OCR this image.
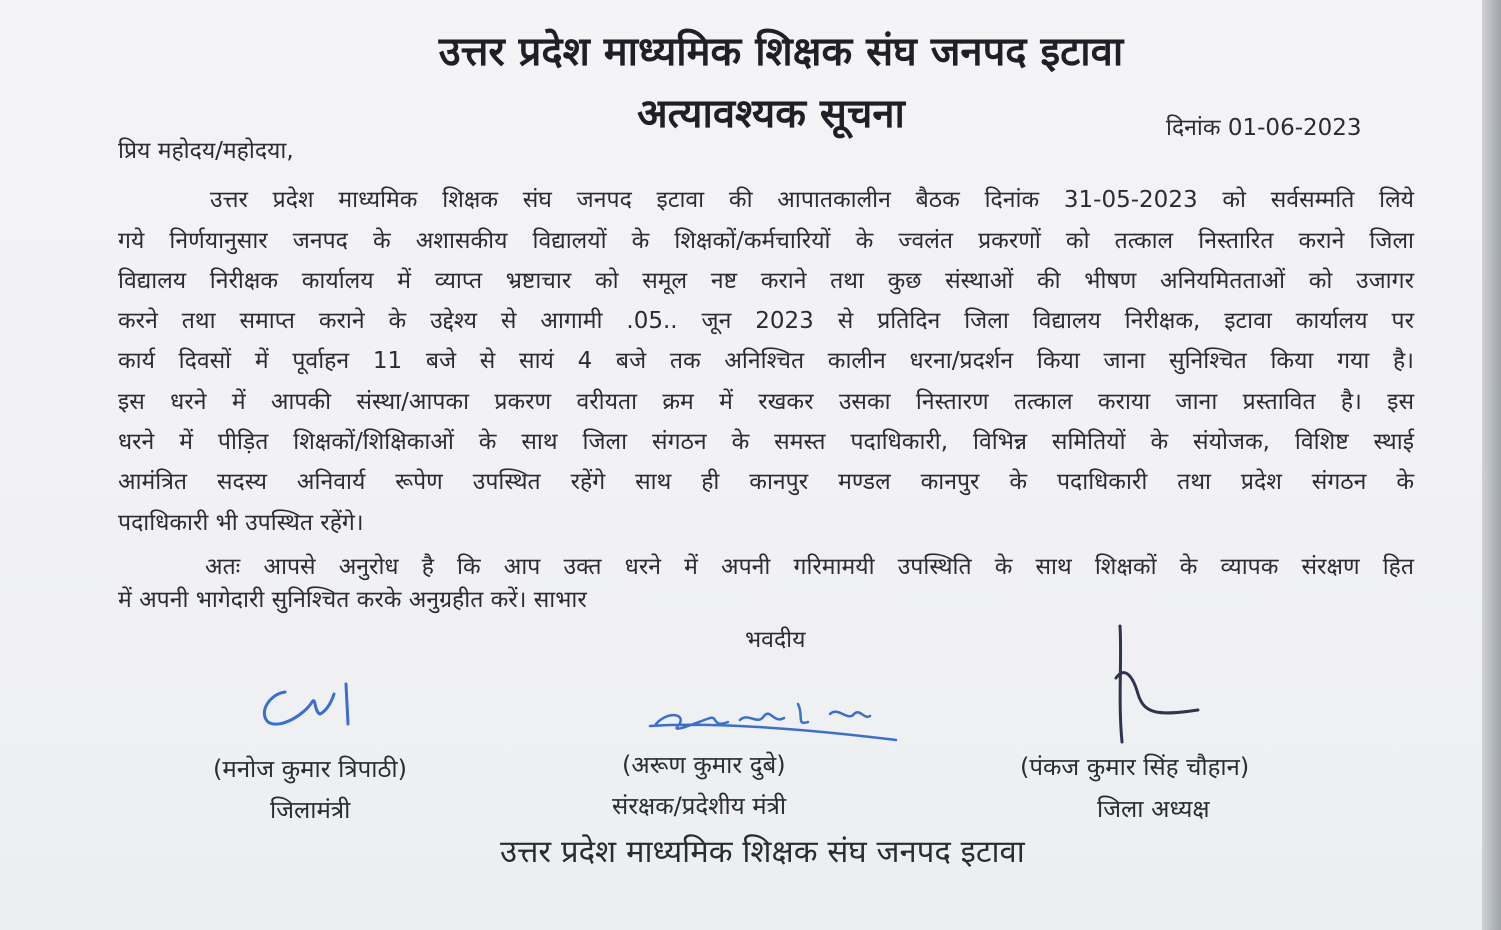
उत्तर प्रदेश माध्यमिक शिक्षक संघ जनपद इटावा
अत्यावश्यक सूचना	दिनांक 01-06-2023
प्रिय महोदय/महोदया,
उत्तर प्रदेश माध्यमिक शिक्षक संघ जनपद इटावा की आपातकालीन बैठक दिनांक 31-05-2023 को सर्वसम्मति लिये
गये निर्णयानुसार जनपद के अशासकीय विद्यालयों के शिक्षकों/कर्मचारियों के ज्वलंत प्रकरणों को तत्काल निस्तारित कराने जिला
विद्यालय निरीक्षक कार्यालय में व्याप्त भ्रष्टाचार को समूल नष्ट कराने तथा कुछ संस्थाओं की भीषण अनियमितताओं को उजागर
करने तथा समाप्त कराने के उद्देश्य से आगामी .05.. जून 2023 से प्रतिदिन जिला विद्यालय निरीक्षक, इटावा कार्यालय पर
कार्य दिवसों में पूर्वाहन 11 बजे से सायं 4 बजे तक अनिश्चित कालीन धरना/प्रदर्शन किया जाना सुनिश्चित किया गया है।
इस धरने में आपकी संस्था/आपका प्रकरण वरीयता क्रम में रखकर उसका निस्तारण तत्काल कराया जाना प्रस्तावित है। इस
धरने में पीड़ित शिक्षकों/शिक्षिकाओं के साथ जिला संगठन के समस्त पदाधिकारी, विभिन्न समितियों के संयोजक, विशिष्ट स्थाई
आमंत्रित सदस्य अनिवार्य रूपेण उपस्थित रहेंगे साथ ही कानपुर मण्डल कानपुर के पदाधिकारी तथा प्रदेश संगठन के
पदाधिकारी भी उपस्थित रहेंगे।
अतः आपसे अनुरोध है कि आप उक्त धरने में अपनी गरिमामयी उपस्थिति के साथ शिक्षकों के व्यापक संरक्षण हित
में अपनी भागेदारी सुनिश्चित करके अनुग्रहीत करें। साभार
भवदीय
(मनोज कुमार त्रिपाठी)
जिलामंत्री
(अरूण कुमार दुबे)
संरक्षक/प्रदेशीय मंत्री
(पंकज कुमार सिंह चौहान)
जिला अध्यक्ष
उत्तर प्रदेश माध्यमिक शिक्षक संघ जनपद इटावा
